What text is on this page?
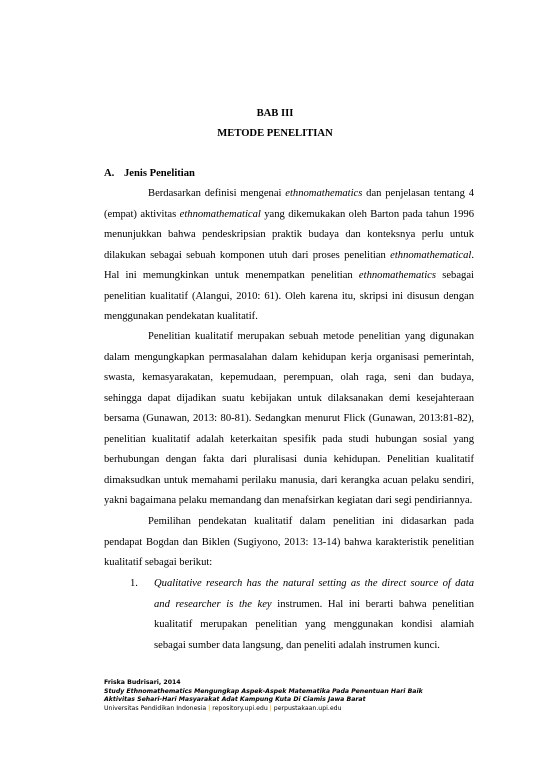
BAB III
METODE PENELITIAN
A. Jenis Penelitian
Berdasarkan definisi mengenai ethnomathematics dan penjelasan tentang 4 (empat) aktivitas ethnomathematical yang dikemukakan oleh Barton pada tahun 1996 menunjukkan bahwa pendeskripsian praktik budaya dan konteksnya perlu untuk dilakukan sebagai sebuah komponen utuh dari proses penelitian ethnomathematical. Hal ini memungkinkan untuk menempatkan penelitian ethnomathematics sebagai penelitian kualitatif (Alangui, 2010: 61). Oleh karena itu, skripsi ini disusun dengan menggunakan pendekatan kualitatif.
Penelitian kualitatif merupakan sebuah metode penelitian yang digunakan dalam mengungkapkan permasalahan dalam kehidupan kerja organisasi pemerintah, swasta, kemasyarakatan, kepemudaan, perempuan, olah raga, seni dan budaya, sehingga dapat dijadikan suatu kebijakan untuk dilaksanakan demi kesejahteraan bersama (Gunawan, 2013: 80-81). Sedangkan menurut Flick (Gunawan, 2013:81-82), penelitian kualitatif adalah keterkaitan spesifik pada studi hubungan sosial yang berhubungan dengan fakta dari pluralisasi dunia kehidupan. Penelitian kualitatif dimaksudkan untuk memahami perilaku manusia, dari kerangka acuan pelaku sendiri, yakni bagaimana pelaku memandang dan menafsirkan kegiatan dari segi pendiriannya.
Pemilihan pendekatan kualitatif dalam penelitian ini didasarkan pada pendapat Bogdan dan Biklen (Sugiyono, 2013: 13-14) bahwa karakteristik penelitian kualitatif sebagai berikut:
1. Qualitative research has the natural setting as the direct source of data and researcher is the key instrumen. Hal ini berarti bahwa penelitian kualitatif merupakan penelitian yang menggunakan kondisi alamiah sebagai sumber data langsung, dan peneliti adalah instrumen kunci.
Friska Budrisari, 2014
Study Ethnomathematics Mengungkap Aspek-Aspek Matematika Pada Penentuan Hari Baik
Aktivitas Sehari-Hari Masyarakat Adat Kampung Kuta Di Ciamis Jawa Barat
Universitas Pendidikan Indonesia | repository.upi.edu | perpustakaan.upi.edu
